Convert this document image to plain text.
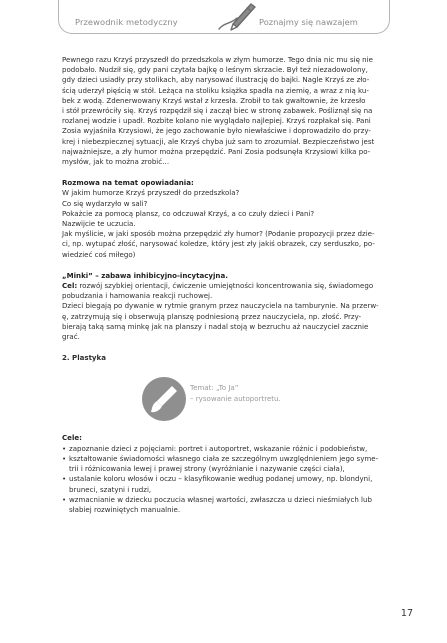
Przewodnik metodyczny	Poznajmy się nawzajem

Pewnego razu Krzyś przyszedł do przedszkola w złym humorze. Tego dnia nic mu się nie

podobało. Nudził się, gdy pani czytała bajkę o leśnym skrzacie. Był też niezadowolony,

gdy dzieci usiadły przy stolikach, aby narysować ilustrację do bajki. Nagle Krzyś ze zło-

ścią uderzył pięścią w stół. Leżąca na stoliku książka spadła na ziemię, a wraz z nią ku-

bek z wodą. Zdenerwowany Krzyś wstał z krzesła. Zrobił to tak gwałtownie, że krzesło

i stół przewróciły się. Krzyś rozpędził się i zaczął biec w stronę zabawek. Pośliznął się na

rozlanej wodzie i upadł. Rozbite kolano nie wyglądało najlepiej. Krzyś rozpłakał się. Pani

Zosia wyjaśniła Krzysiowi, że jego zachowanie było niewłaściwe i doprowadziło do przy-

krej i niebezpiecznej sytuacji, ale Krzyś chyba już sam to zrozumiał. Bezpieczeństwo jest

najważniejsze, a zły humor można przepędzić. Pani Zosia podsunęła Krzysiowi kilka po-

mysłów, jak to można zrobić…

Rozmowa na temat opowiadania:

W jakim humorze Krzyś przyszedł do przedszkola?

Co się wydarzyło w sali?

Pokażcie za pomocą plansz, co odczuwał Krzyś, a co czuły dzieci i Pani?

Nazwijcie te uczucia.

Jak myślicie, w jaki sposób można przepędzić zły humor? (Podanie propozycji przez dzie-

ci, np. wytupać złość, narysować koledze, który jest zły jakiś obrazek, czy serduszko, po-

wiedzieć coś miłego)

„Minki” – zabawa inhibicyjno-incytacyjna.

Cel: rozwój szybkiej orientacji, ćwiczenie umiejętności koncentrowania się, świadomego

pobudzania i hamowania reakcji ruchowej.

Dzieci biegają po dywanie w rytmie granym przez nauczyciela na tamburynie. Na przerw-

ę, zatrzymują się i obserwują planszę podniesioną przez nauczyciela, np. złość. Przy-

bierają taką samą minkę jak na planszy i nadal stoją w bezruchu aż nauczyciel zacznie

grać.

2. Plastyka

Temat: „To Ja”
– rysowanie autoportretu.

Cele:

• zapoznanie dzieci z pojęciami: portret i autoportret, wskazanie różnic i podobieństw,
• kształtowanie świadomości własnego ciała ze szczególnym uwzględnieniem jego syme-
trii i różnicowania lewej i prawej strony (wyróżnianie i nazywanie części ciała),
• ustalanie koloru włosów i oczu – klasyfikowanie według podanej umowy, np. blondyni,
bruneci, szatyni i rudzi,
• wzmacnianie w dziecku poczucia własnej wartości, zwłaszcza u dzieci nieśmiałych lub
słabiej rozwiniętych manualnie.
17
